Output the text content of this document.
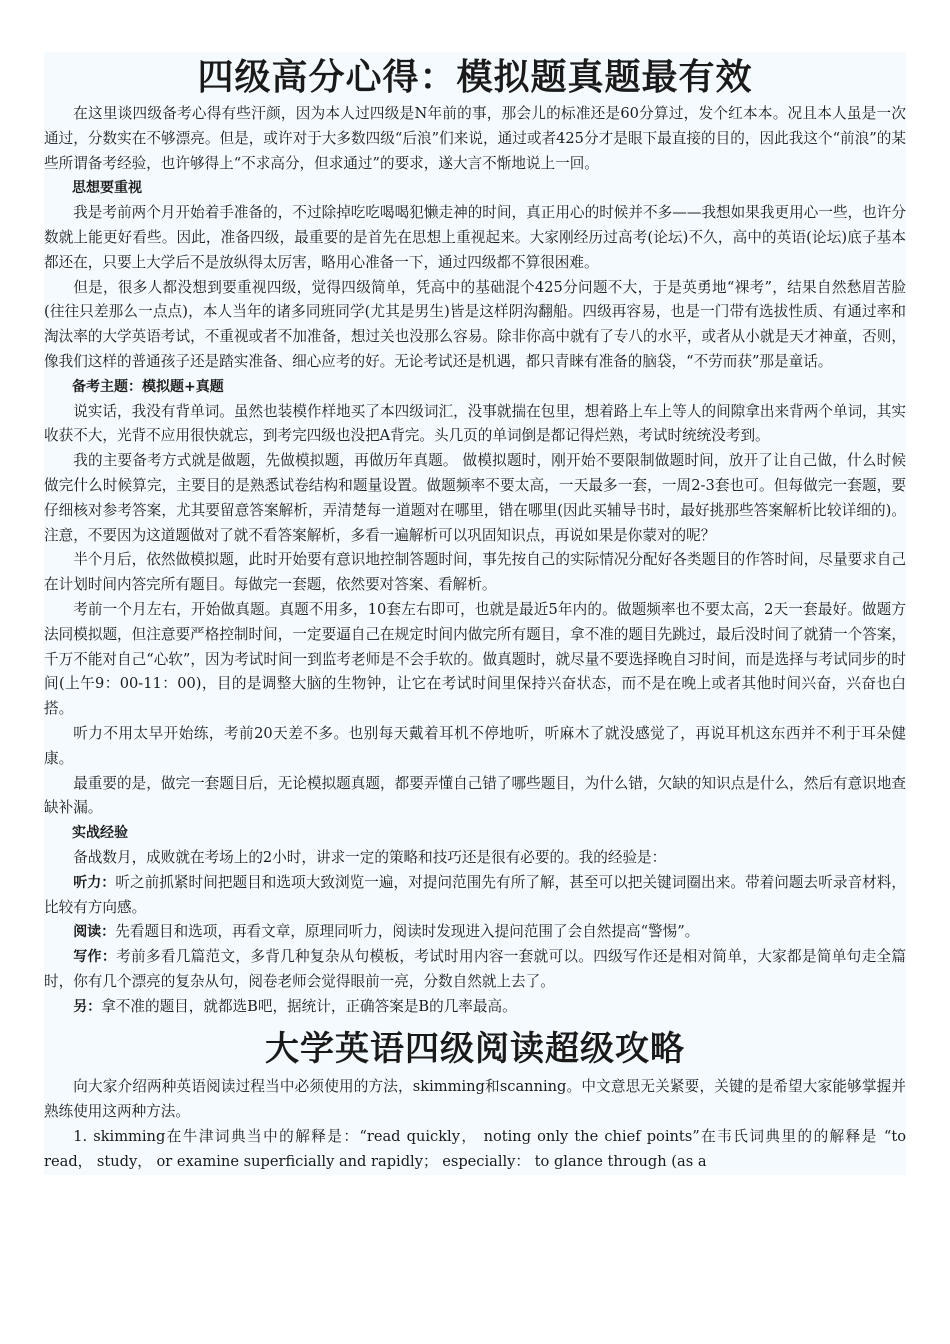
四级高分心得：模拟题真题最有效

在这里谈四级备考心得有些汗颜，因为本人过四级是N年前的事，那会儿的标准还是60分算过，发个红本本。况且本人虽是一次通过，分数实在不够漂亮。但是，或许对于大多数四级“后浪”们来说，通过或者425分才是眼下最直接的目的，因此我这个“前浪”的某些所谓备考经验，也许够得上“不求高分，但求通过”的要求，遂大言不惭地说上一回。

思想要重视

我是考前两个月开始着手准备的，不过除掉吃吃喝喝犯懒走神的时间，真正用心的时候并不多——我想如果我更用心一些，也许分数就上能更好看些。因此，准备四级，最重要的是首先在思想上重视起来。大家刚经历过高考(论坛)不久，高中的英语(论坛)底子基本都还在，只要上大学后不是放纵得太厉害，略用心准备一下，通过四级都不算很困难。

但是，很多人都没想到要重视四级，觉得四级简单，凭高中的基础混个425分问题不大，于是英勇地“裸考”，结果自然愁眉苦脸(往往只差那么一点点)，本人当年的诸多同班同学(尤其是男生)皆是这样阴沟翻船。四级再容易，也是一门带有选拔性质、有通过率和淘汰率的大学英语考试，不重视或者不加准备，想过关也没那么容易。除非你高中就有了专八的水平，或者从小就是天才神童，否则，像我们这样的普通孩子还是踏实准备、细心应考的好。无论考试还是机遇，都只青睐有准备的脑袋，“不劳而获”那是童话。

备考主题：模拟题+真题

说实话，我没有背单词。虽然也装模作样地买了本四级词汇，没事就揣在包里，想着路上车上等人的间隙拿出来背两个单词，其实收获不大，光背不应用很快就忘，到考完四级也没把A背完。头几页的单词倒是都记得烂熟，考试时统统没考到。

我的主要备考方式就是做题，先做模拟题，再做历年真题。 做模拟题时，刚开始不要限制做题时间，放开了让自己做，什么时候做完什么时候算完，主要目的是熟悉试卷结构和题量设置。做题频率不要太高，一天最多一套，一周2-3套也可。但每做完一套题，要仔细核对参考答案，尤其要留意答案解析，弄清楚每一道题对在哪里，错在哪里(因此买辅导书时，最好挑那些答案解析比较详细的)。注意，不要因为这道题做对了就不看答案解析，多看一遍解析可以巩固知识点，再说如果是你蒙对的呢？

半个月后，依然做模拟题，此时开始要有意识地控制答题时间，事先按自己的实际情况分配好各类题目的作答时间，尽量要求自己在计划时间内答完所有题目。每做完一套题，依然要对答案、看解析。

考前一个月左右，开始做真题。真题不用多，10套左右即可，也就是最近5年内的。做题频率也不要太高，2天一套最好。做题方法同模拟题，但注意要严格控制时间，一定要逼自己在规定时间内做完所有题目，拿不准的题目先跳过，最后没时间了就猜一个答案，千万不能对自己“心软”，因为考试时间一到监考老师是不会手软的。做真题时，就尽量不要选择晚自习时间，而是选择与考试同步的时间(上午9：00-11：00)，目的是调整大脑的生物钟，让它在考试时间里保持兴奋状态，而不是在晚上或者其他时间兴奋，兴奋也白搭。

听力不用太早开始练，考前20天差不多。也别每天戴着耳机不停地听，听麻木了就没感觉了，再说耳机这东西并不利于耳朵健康。

最重要的是，做完一套题目后，无论模拟题真题，都要弄懂自己错了哪些题目，为什么错，欠缺的知识点是什么，然后有意识地查缺补漏。

实战经验

备战数月，成败就在考场上的2小时，讲求一定的策略和技巧还是很有必要的。我的经验是：

听力：听之前抓紧时间把题目和选项大致浏览一遍，对提问范围先有所了解，甚至可以把关键词圈出来。带着问题去听录音材料，比较有方向感。

阅读：先看题目和选项，再看文章，原理同听力，阅读时发现进入提问范围了会自然提高“警惕”。

写作：考前多看几篇范文，多背几种复杂从句模板，考试时用内容一套就可以。四级写作还是相对简单，大家都是简单句走全篇时，你有几个漂亮的复杂从句，阅卷老师会觉得眼前一亮，分数自然就上去了。

另：拿不准的题目，就都选B吧，据统计，正确答案是B的几率最高。

大学英语四级阅读超级攻略

向大家介绍两种英语阅读过程当中必须使用的方法，skimming和scanning。中文意思无关紧要，关键的是希望大家能够掌握并熟练使用这两种方法。

1. skimming在牛津词典当中的解释是：“read quickly， noting only the chief points”在韦氏词典里的的解释是 “to read， study， or examine superficially and rapidly； especially： to glance through (as a
